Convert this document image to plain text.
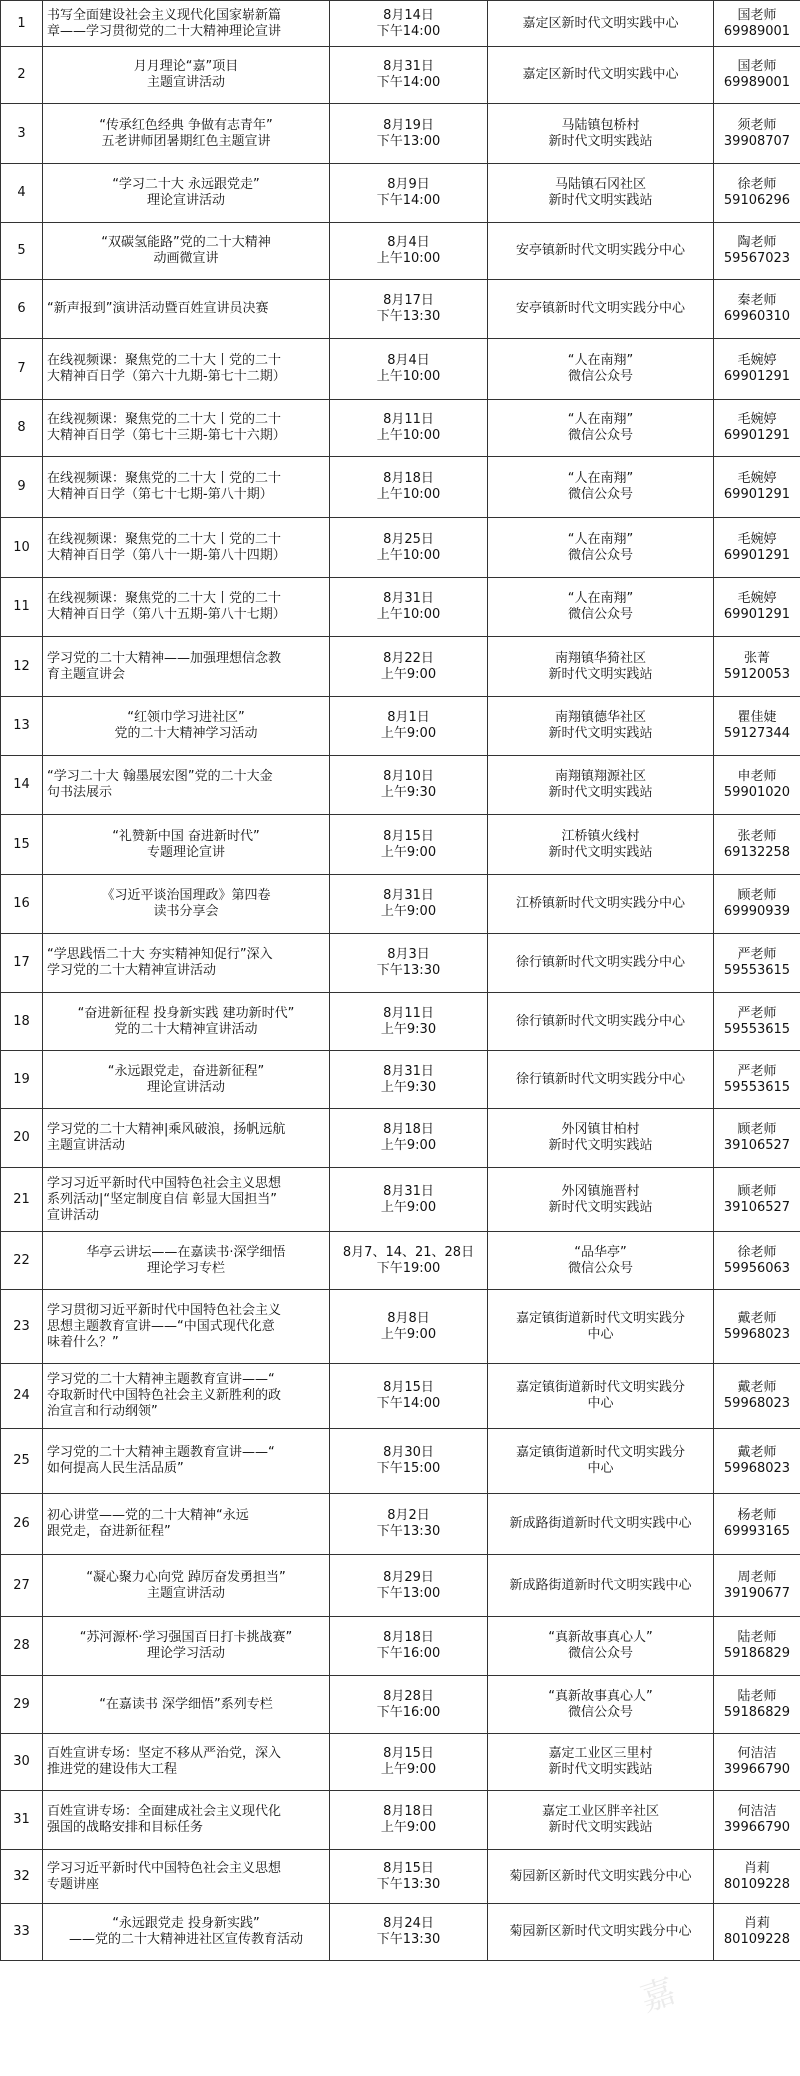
1	书写全面建设社会主义现代化国家崭新篇
章——学习贯彻党的二十大精神理论宣讲	8月14日
下午14:00	嘉定区新时代文明实践中心	国老师
69989001

2	月月理论“嘉”项目
主题宣讲活动	8月31日
下午14:00	嘉定区新时代文明实践中心	国老师
69989001

3	“传承红色经典 争做有志青年”
五老讲师团暑期红色主题宣讲	8月19日
下午13:00	马陆镇包桥村
新时代文明实践站	须老师
39908707

4	“学习二十大 永远跟党走”
理论宣讲活动	8月9日
下午14:00	马陆镇石冈社区
新时代文明实践站	徐老师
59106296

5	“双碳氢能路”党的二十大精神
动画微宣讲	8月4日
上午10:00	安亭镇新时代文明实践分中心	陶老师
59567023

6	“新声报到”演讲活动暨百姓宣讲员决赛	8月17日
下午13:30	安亭镇新时代文明实践分中心	秦老师
69960310

7	在线视频课：聚焦党的二十大丨党的二十
大精神百日学（第六十九期-第七十二期）	8月4日
上午10:00	“人在南翔”
微信公众号	毛婉婷
69901291

8	在线视频课：聚焦党的二十大丨党的二十
大精神百日学（第七十三期-第七十六期）	8月11日
上午10:00	“人在南翔”
微信公众号	毛婉婷
69901291

9	在线视频课：聚焦党的二十大丨党的二十
大精神百日学（第七十七期-第八十期）	8月18日
上午10:00	“人在南翔”
微信公众号	毛婉婷
69901291

10	在线视频课：聚焦党的二十大丨党的二十
大精神百日学（第八十一期-第八十四期）	8月25日
上午10:00	“人在南翔”
微信公众号	毛婉婷
69901291

11	在线视频课：聚焦党的二十大丨党的二十
大精神百日学（第八十五期-第八十七期）	8月31日
上午10:00	“人在南翔”
微信公众号	毛婉婷
69901291

12	学习党的二十大精神——加强理想信念教
育主题宣讲会	8月22日
上午9:00	南翔镇华猗社区
新时代文明实践站	张菁
59120053

13	“红领巾学习进社区”
党的二十大精神学习活动	8月1日
上午9:00	南翔镇德华社区
新时代文明实践站	瞿佳婕
59127344

14	“学习二十大 翰墨展宏图”党的二十大金
句书法展示	8月10日
上午9:30	南翔镇翔源社区
新时代文明实践站	申老师
59901020

15	“礼赞新中国 奋进新时代”
专题理论宣讲	8月15日
上午9:00	江桥镇火线村
新时代文明实践站	张老师
69132258

16	《习近平谈治国理政》第四卷
读书分享会	8月31日
上午9:00	江桥镇新时代文明实践分中心	顾老师
69990939

17	“学思践悟二十大 夯实精神知促行”深入
学习党的二十大精神宣讲活动	8月3日
下午13:30	徐行镇新时代文明实践分中心	严老师
59553615

18	“奋进新征程 投身新实践 建功新时代”
党的二十大精神宣讲活动	8月11日
上午9:30	徐行镇新时代文明实践分中心	严老师
59553615

19	“永远跟党走，奋进新征程”
理论宣讲活动	8月31日
上午9:30	徐行镇新时代文明实践分中心	严老师
59553615

20	学习党的二十大精神|乘风破浪，扬帆远航
主题宣讲活动	8月18日
上午9:00	外冈镇甘柏村
新时代文明实践站	顾老师
39106527

21	学习习近平新时代中国特色社会主义思想
系列活动|“坚定制度自信 彰显大国担当”
宣讲活动	8月31日
上午9:00	外冈镇施晋村
新时代文明实践站	顾老师
39106527

22	华亭云讲坛——在嘉读书·深学细悟
理论学习专栏	8月7、14、21、28日
下午19:00	“品华亭”
微信公众号	徐老师
59956063

23	学习贯彻习近平新时代中国特色社会主义
思想主题教育宣讲——“中国式现代化意
味着什么？”	8月8日
上午9:00	嘉定镇街道新时代文明实践分
中心	戴老师
59968023

24	学习党的二十大精神主题教育宣讲——“
夺取新时代中国特色社会主义新胜利的政
治宣言和行动纲领”	8月15日
下午14:00	嘉定镇街道新时代文明实践分
中心	戴老师
59968023

25	学习党的二十大精神主题教育宣讲——“
如何提高人民生活品质”	8月30日
下午15:00	嘉定镇街道新时代文明实践分
中心	戴老师
59968023

26	初心讲堂——党的二十大精神“永远
跟党走，奋进新征程”	8月2日
下午13:30	新成路街道新时代文明实践中心	杨老师
69993165

27	“凝心聚力心向党 踔厉奋发勇担当”
主题宣讲活动	8月29日
下午13:00	新成路街道新时代文明实践中心	周老师
39190677

28	“苏河源杯·学习强国百日打卡挑战赛”
理论学习活动	8月18日
下午16:00	“真新故事真心人”
微信公众号	陆老师
59186829

29	“在嘉读书 深学细悟”系列专栏	8月28日
下午16:00	“真新故事真心人”
微信公众号	陆老师
59186829

30	百姓宣讲专场：坚定不移从严治党，深入
推进党的建设伟大工程	8月15日
上午9:00	嘉定工业区三里村
新时代文明实践站	何洁洁
39966790

31	百姓宣讲专场：全面建成社会主义现代化
强国的战略安排和目标任务	8月18日
上午9:00	嘉定工业区胖辛社区
新时代文明实践站	何洁洁
39966790

32	学习习近平新时代中国特色社会主义思想
专题讲座	8月15日
下午13:30	菊园新区新时代文明实践分中心	肖莉
80109228

33	“永远跟党走 投身新实践”
——党的二十大精神进社区宣传教育活动	8月24日
下午13:30	菊园新区新时代文明实践分中心	肖莉
80109228
嘉
